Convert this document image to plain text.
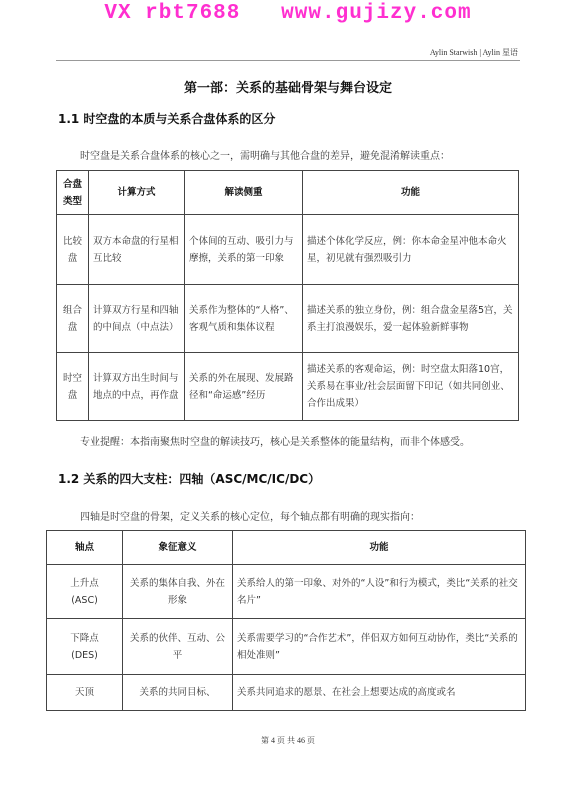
VX rbt7688   www.gujizy.com
Aylin Starwish | Aylin 星语
第一部：关系的基础骨架与舞台设定
1.1 时空盘的本质与关系合盘体系的区分
时空盘是关系合盘体系的核心之一，需明确与其他合盘的差异，避免混淆解读重点：
合盘类型	计算方式	解读侧重	功能
比较盘	双方本命盘的行星相互比较	个体间的互动、吸引力与摩擦，关系的第一印象	描述个体化学反应，例：你本命金星冲他本命火星，初见就有强烈吸引力
组合盘	计算双方行星和四轴的中间点（中点法）	关系作为整体的“人格”、客观气质和集体议程	描述关系的独立身份，例：组合盘金星落5宫，关系主打浪漫娱乐，爱一起体验新鲜事物
时空盘	计算双方出生时间与地点的中点，再作盘	关系的外在展现、发展路径和“命运感”经历	描述关系的客观命运，例：时空盘太阳落10宫，关系易在事业/社会层面留下印记（如共同创业、合作出成果）
专业提醒：本指南聚焦时空盘的解读技巧，核心是关系整体的能量结构，而非个体感受。
1.2 关系的四大支柱：四轴（ASC/MC/IC/DC）
四轴是时空盘的骨架，定义关系的核心定位，每个轴点都有明确的现实指向：
轴点	象征意义	功能

上升点
(ASC)	关系的集体自我、外在形象	关系给人的第一印象、对外的“人设”和行为模式，类比“关系的社交名片”

下降点
(DES)	关系的伙伴、互动、公平	关系需要学习的“合作艺术”，伴侣双方如何互动协作，类比“关系的相处准则”

天顶	关系的共同目标、	关系共同追求的愿景、在社会上想要达成的高度或名
第 4 页 共 46 页
